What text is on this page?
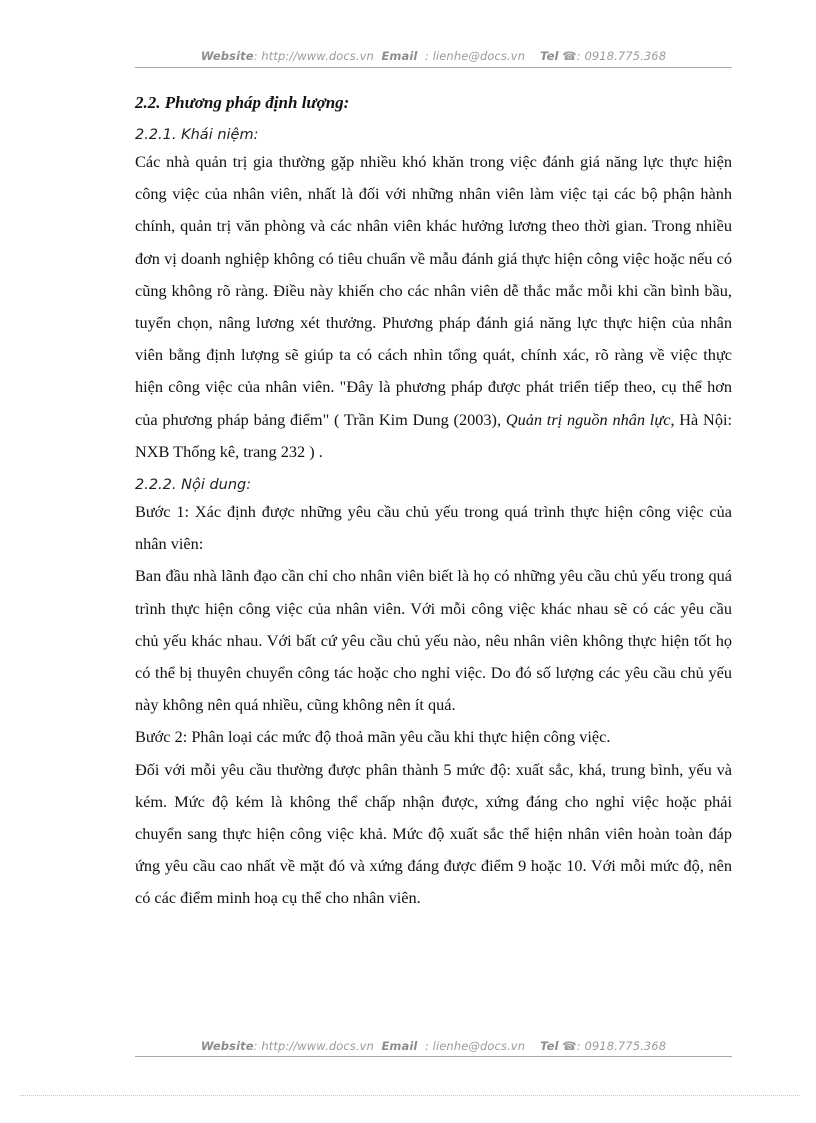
Website: http://www.docs.vn Email : lienhe@docs.vn Tel ☎: 0918.775.368

2.2. Phương pháp định lượng:

2.2.1. Khái niệm:

Các nhà quản trị gia thường gặp nhiều khó khăn trong việc đánh giá năng lực thực hiện công việc của nhân viên, nhất là đối với những nhân viên làm việc tại các bộ phận hành chính, quản trị văn phòng và các nhân viên khác hưởng lương theo thời gian. Trong nhiều đơn vị doanh nghiệp không có tiêu chuẩn về mẫu đánh giá thực hiện công việc hoặc nếu có cũng không rõ ràng. Điều này khiến cho các nhân viên dễ thắc mắc mỗi khi cần bình bầu, tuyển chọn, nâng lương xét thưởng. Phương pháp đánh giá năng lực thực hiện của nhân viên bằng định lượng sẽ giúp ta có cách nhìn tổng quát, chính xác, rõ ràng về việc thực hiện công việc của nhân viên. "Đây là phương pháp được phát triển tiếp theo, cụ thể hơn của phương pháp bảng điểm" ( Trần Kim Dung (2003), Quản trị nguồn nhân lực, Hà Nội: NXB Thống kê, trang 232 ) .

2.2.2. Nội dung:

Bước 1: Xác định được những yêu cầu chủ yếu trong quá trình thực hiện công việc của nhân viên:

Ban đầu nhà lãnh đạo cần chỉ cho nhân viên biết là họ có những yêu cầu chủ yếu trong quá trình thực hiện công việc của nhân viên. Với mỗi công việc khác nhau sẽ có các yêu cầu chủ yếu khác nhau. Với bất cứ yêu cầu chủ yếu nào, nêu nhân viên không thực hiện tốt họ có thể bị thuyên chuyển công tác hoặc cho nghỉ việc. Do đó số lượng các yêu cầu chủ yếu này không nên quá nhiều, cũng không nên ít quá.

Bước 2: Phân loại các mức độ thoả mãn yêu cầu khi thực hiện công việc.

Đối với mỗi yêu cầu thường được phân thành 5 mức độ: xuất sắc, khá, trung bình, yếu và kém. Mức độ kém là không thể chấp nhận được, xứng đáng cho nghỉ việc hoặc phải chuyển sang thực hiện công việc khả. Mức độ xuất sắc thể hiện nhân viên hoàn toàn đáp ứng yêu cầu cao nhất về mặt đó và xứng đáng được điểm 9 hoặc 10. Với mỗi mức độ, nên có các điểm minh hoạ cụ thể cho nhân viên.

Website: http://www.docs.vn Email : lienhe@docs.vn Tel ☎: 0918.775.368
